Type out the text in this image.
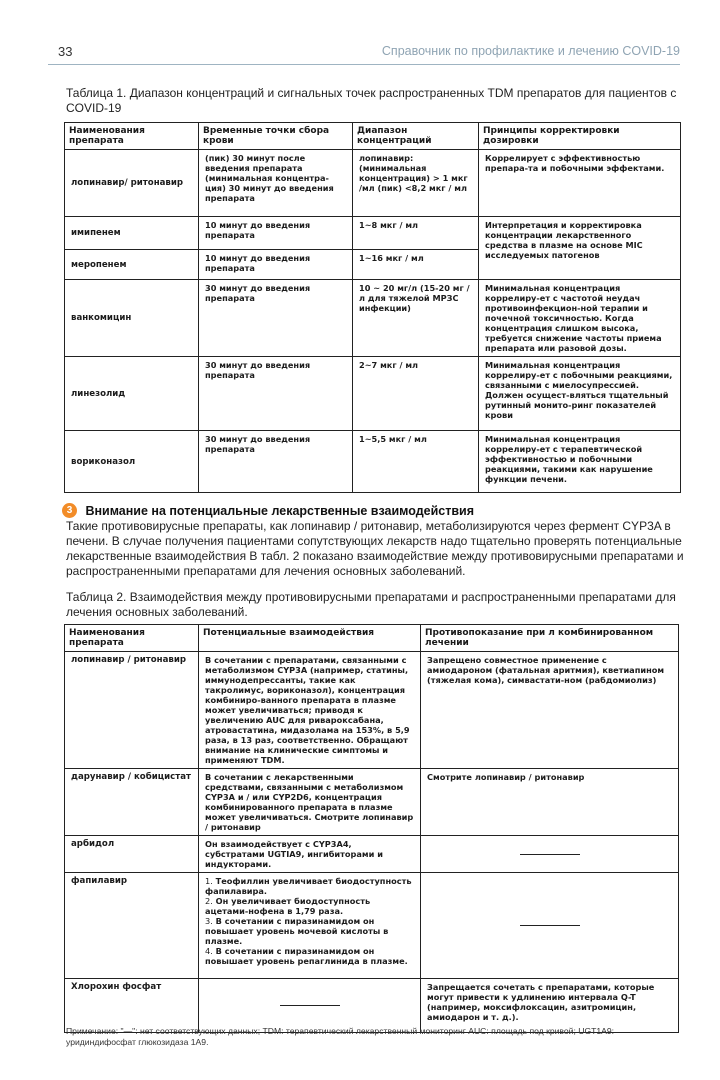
33	Справочник по профилактике и лечению COVID-19
Таблица 1. Диапазон концентраций и сигнальных точек распространенных TDM препаратов для пациентов с COVID-19
Наименования препарата	Временные точки сбора крови	Диапазон концентраций	Принципы корректировки дозировки
лопинавир/ ритонавир	(пик) 30 минут после введения препарата (минимальная концентра-ция) 30 минут до введения препарата	лопинавир: (минимальная концентрация) > 1 мкг /мл (пик) <8,2 мкг / мл	Коррелирует с эффективностью препара-та и побочными эффектами.
имипенем	10 минут до введения препарата	1~8 мкг / мл	Интерпретация и корректировка концентрации лекарственного средства в плазме на основе MIC исследуемых патогенов
меропенем	10 минут до введения препарата	1~16 мкг / мл	
ванкомицин	30 минут до введения препарата	10 ~ 20 мг/л (15-20 мг / л для тяжелой МРЗС инфекции)	Минимальная концентрация коррелиру-ет с частотой неудач противоинфекцион-ной терапии и почечной токсичностью. Когда концентрация слишком высока, требуется снижение частоты приема препарата или разовой дозы.
линезолид	30 минут до введения препарата	2~7 мкг / мл	Минимальная концентрация коррелиру-ет с побочными реакциями, связанными с миелосупрессией. Должен осущест-вляться тщательный рутинный монито-ринг показателей крови
вориконазол	30 минут до введения препарата	1~5,5 мкг / мл	Минимальная концентрация коррелиру-ет с терапевтической эффективностью и побочными реакциями, такими как нарушение функции печени.
3 Внимание на потенциальные лекарственные взаимодействия
Такие противовирусные препараты, как лопинавир / ритонавир, метаболизируются через фермент CYP3A в печени. В случае получения пациентами сопутствующих лекарств надо тщательно проверять потенциальные лекарственные взаимодействия В табл. 2 показано взаимодействие между противовирусными препаратами и распространенными препаратами для лечения основных заболеваний.
Таблица 2. Взаимодействия между противовирусными препаратами и распространенными препаратами для лечения основных заболеваний.
Наименования препарата	Потенциальные взаимодействия	Противопоказание при л комбинированном лечении
лопинавир / ритонавир	В сочетании с препаратами, связанными с метаболизмом CYP3A (например, статины, иммунодепрессанты, такие как такролимус, вориконазол), концентрация комбиниро-ванного препарата в плазме может увеличиваться; приводя к увеличению AUC для ривароксабана, атровастатина, мидазолама на 153%, в 5,9 раза, в 13 раз, соответственно. Обращают внимание на клинические симптомы и применяют TDM.	Запрещено совместное применение с амиодароном (фатальная аритмия), кветиапином (тяжелая кома), симвастати-ном (рабдомиолиз)
дарунавир / кобицистат	В сочетании с лекарственными средствами, связанными с метаболизмом CYP3A и / или CYP2D6, концентрация комбинированного препарата в плазме может увеличиваться. Смотрите лопинавир / ритонавир	Смотрите лопинавир / ритонавир
арбидол	Он взаимодействует с CYP3A4, субстратами UGTIA9, ингибиторами и индукторами.	

фапилавир	1. Теофиллин увеличивает биодоступность фапилавира.
2. Он увеличивает биодоступность ацетами-нофена в 1,79 раза.
3. В сочетании с пиразинамидом он повышает уровень мочевой кислоты в плазме.
4. В сочетании с пиразинамидом он повышает уровень репаглинида в плазме.	

Хлорохин фосфат		Запрещается сочетать с препаратами, которые могут привести к удлинению интервала Q-T (например, моксифлоксацин, азитромицин, амиодарон и т. д.).
Примечание: "—": нет соответствующих данных; TDM: терапевтический лекарственный мониторинг AUC: площадь под кривой; UGT1A9: уридиндифосфат глюкозидаза 1A9.
